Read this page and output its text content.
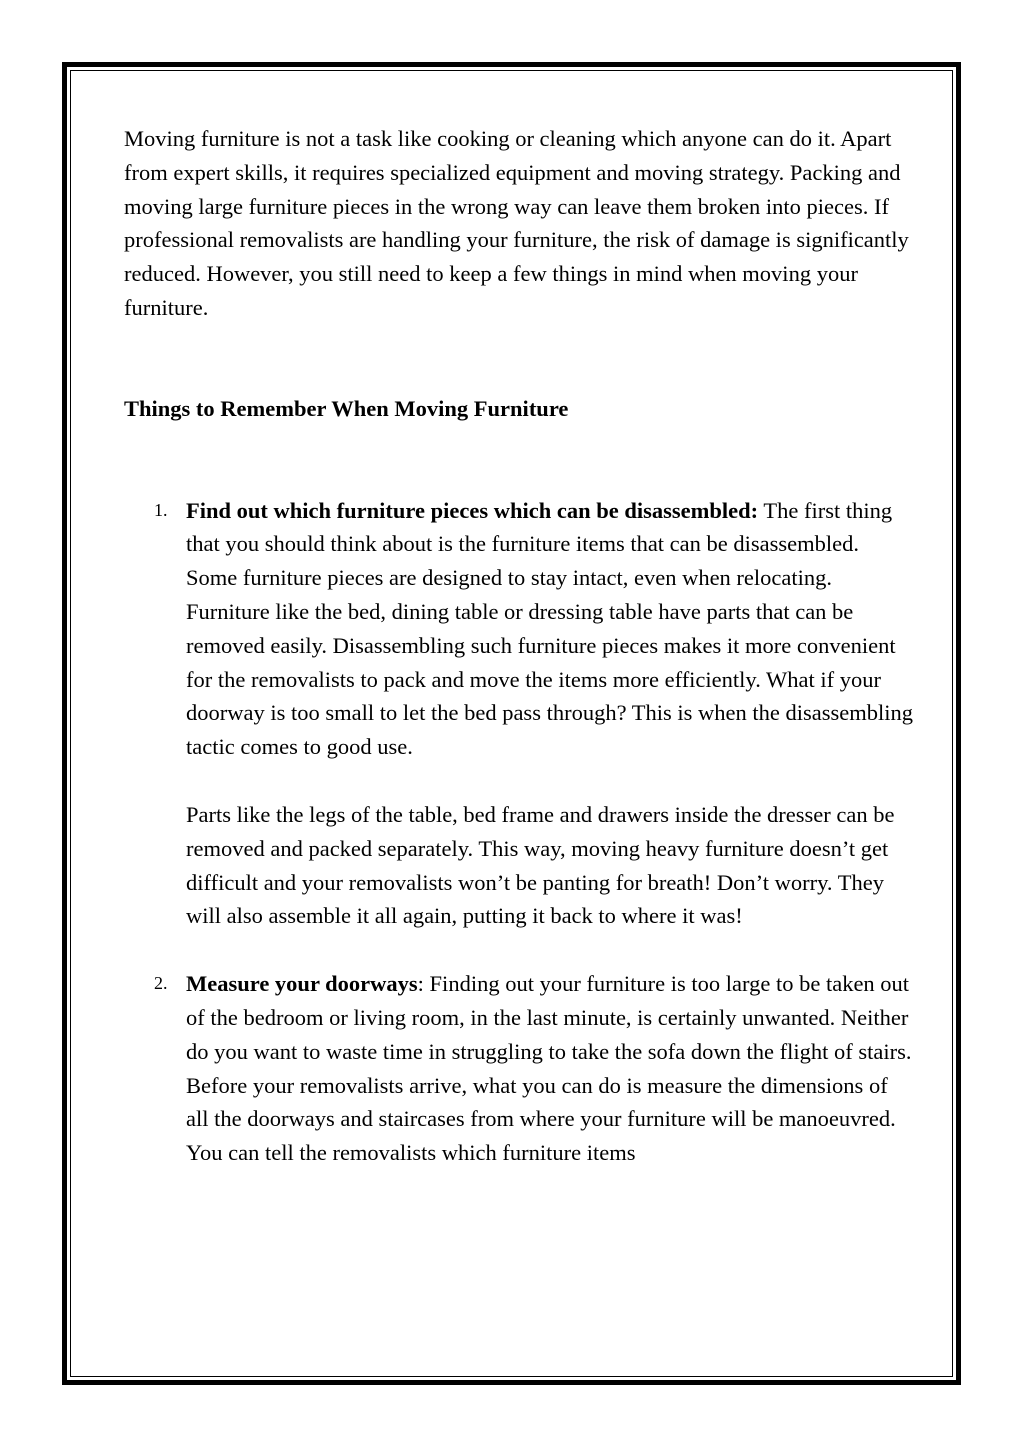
Moving furniture is not a task like cooking or cleaning which anyone can do it. Apart from expert skills, it requires specialized equipment and moving strategy. Packing and moving large furniture pieces in the wrong way can leave them broken into pieces. If professional removalists are handling your furniture, the risk of damage is significantly reduced. However, you still need to keep a few things in mind when moving your furniture.

Things to Remember When Moving Furniture
1. Find out which furniture pieces which can be disassembled: The first thing that you should think about is the furniture items that can be disassembled. Some furniture pieces are designed to stay intact, even when relocating. Furniture like the bed, dining table or dressing table have parts that can be removed easily. Disassembling such furniture pieces makes it more convenient for the removalists to pack and move the items more efficiently. What if your doorway is too small to let the bed pass through? This is when the disassembling tactic comes to good use.

Parts like the legs of the table, bed frame and drawers inside the dresser can be removed and packed separately. This way, moving heavy furniture doesn’t get difficult and your removalists won’t be panting for breath! Don’t worry. They will also assemble it all again, putting it back to where it was!

2. Measure your doorways: Finding out your furniture is too large to be taken out of the bedroom or living room, in the last minute, is certainly unwanted. Neither do you want to waste time in struggling to take the sofa down the flight of stairs. Before your removalists arrive, what you can do is measure the dimensions of all the doorways and staircases from where your furniture will be manoeuvred. You can tell the removalists which furniture items
